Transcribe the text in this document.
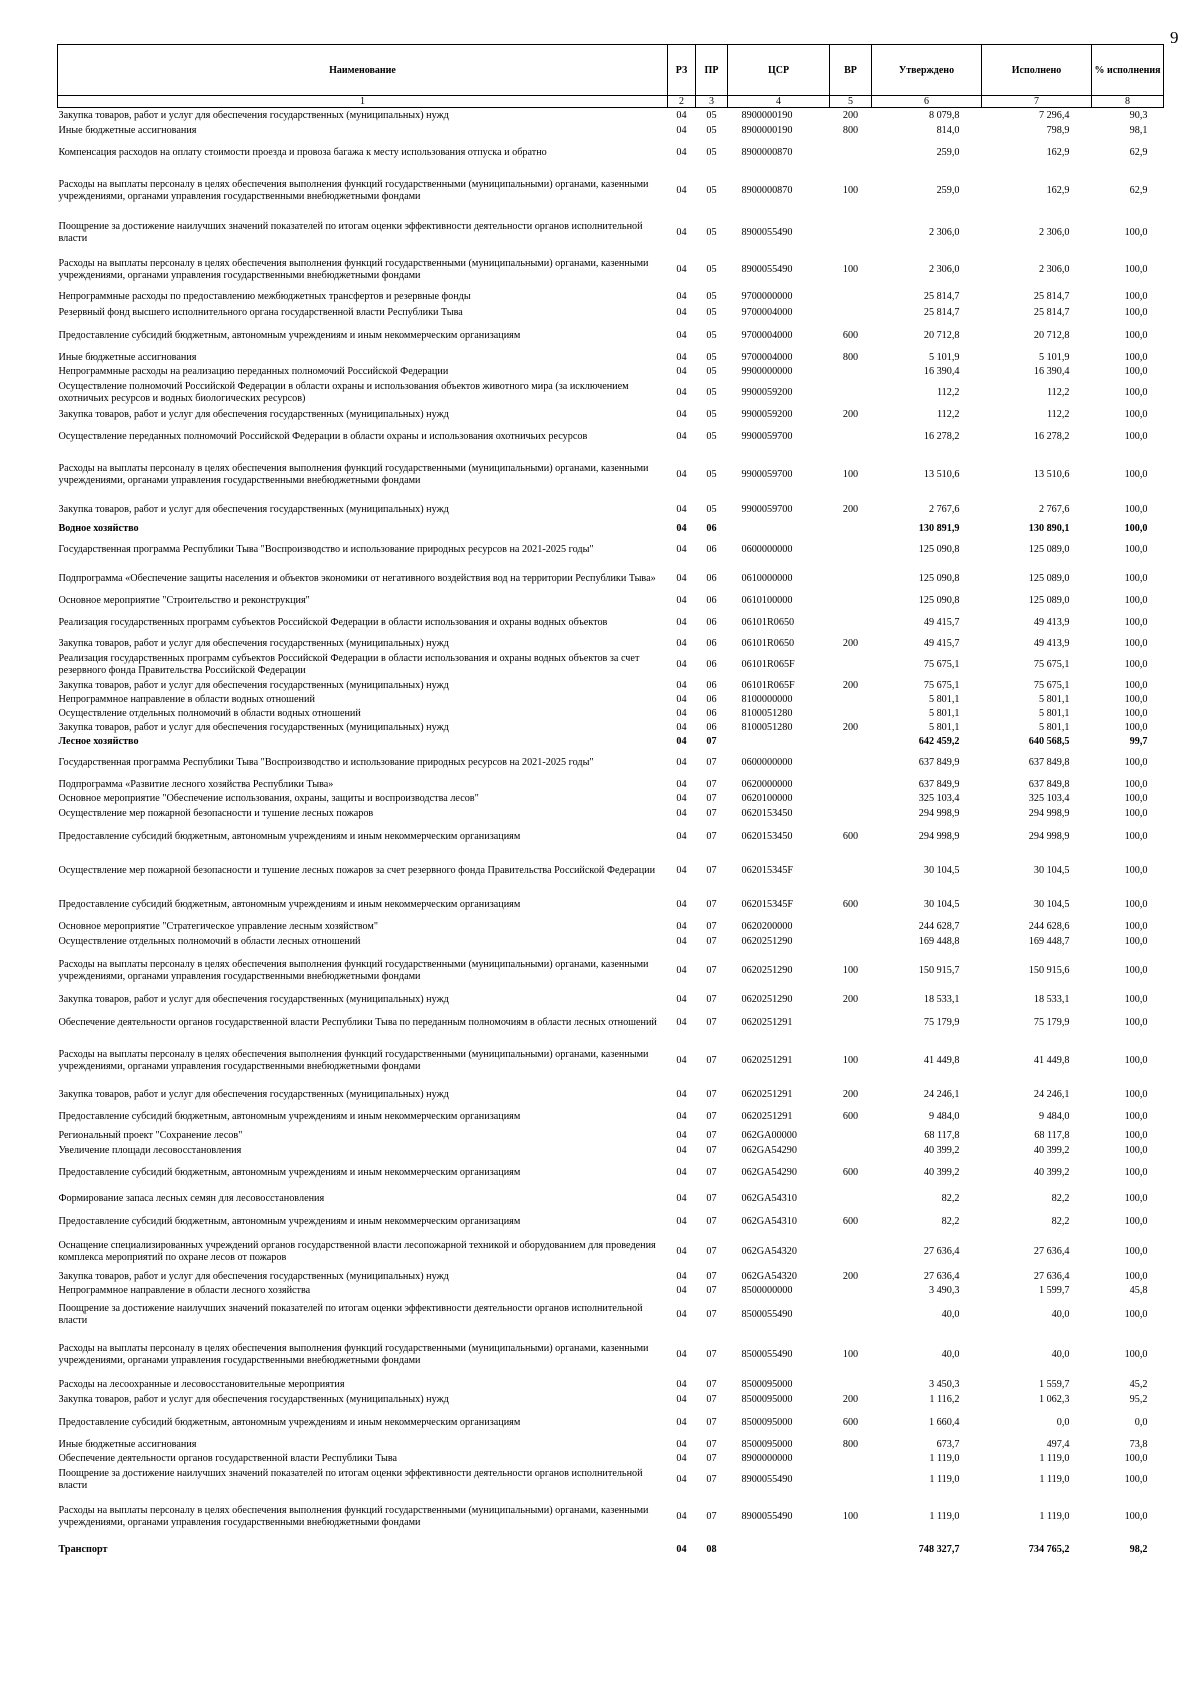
9
Наименование	РЗ	ПР	ЦСР	ВР	Утверждено	Исполнено	% исполнения
1	2	3	4	5	6	7	8
Закупка товаров, работ и услуг для обеспечения государственных (муниципальных) нужд	04	05	8900000190	200	8 079,8	7 296,4	90,3
Иные бюджетные ассигнования	04	05	8900000190	800	814,0	798,9	98,1
Компенсация расходов на оплату стоимости проезда и провоза багажа к месту использования отпуска и обратно	04	05	8900000870		259,0	162,9	62,9
Расходы на выплаты персоналу в целях обеспечения выполнения функций государственными (муниципальными) органами, казенными учреждениями, органами управления государственными внебюджетными фондами	04	05	8900000870	100	259,0	162,9	62,9
Поощрение за достижение наилучших значений показателей по итогам оценки эффективности деятельности органов исполнительной власти	04	05	8900055490		2 306,0	2 306,0	100,0
Расходы на выплаты персоналу в целях обеспечения выполнения функций государственными (муниципальными) органами, казенными учреждениями, органами управления государственными внебюджетными фондами	04	05	8900055490	100	2 306,0	2 306,0	100,0
Непрограммные расходы по предоставлению межбюджетных трансфертов и резервные фонды	04	05	9700000000		25 814,7	25 814,7	100,0
Резервный фонд высшего исполнительного органа государственной власти Республики Тыва	04	05	9700004000		25 814,7	25 814,7	100,0
Предоставление субсидий бюджетным, автономным учреждениям и иным некоммерческим организациям	04	05	9700004000	600	20 712,8	20 712,8	100,0
Иные бюджетные ассигнования	04	05	9700004000	800	5 101,9	5 101,9	100,0
Непрограммные расходы на реализацию переданных полномочий Российской Федерации	04	05	9900000000		16 390,4	16 390,4	100,0
Осуществление полномочий Российской Федерации в области охраны и использования объектов животного мира (за исключением охотничьих ресурсов и водных биологических ресурсов)	04	05	9900059200		112,2	112,2	100,0
Закупка товаров, работ и услуг для обеспечения государственных (муниципальных) нужд	04	05	9900059200	200	112,2	112,2	100,0
Осуществление переданных полномочий Российской Федерации в области охраны и использования охотничьих ресурсов	04	05	9900059700		16 278,2	16 278,2	100,0
Расходы на выплаты персоналу в целях обеспечения выполнения функций государственными (муниципальными) органами, казенными учреждениями, органами управления государственными внебюджетными фондами	04	05	9900059700	100	13 510,6	13 510,6	100,0
Закупка товаров, работ и услуг для обеспечения государственных (муниципальных) нужд	04	05	9900059700	200	2 767,6	2 767,6	100,0
Водное хозяйство	04	06			130 891,9	130 890,1	100,0
Государственная программа Республики Тыва "Воспроизводство и использование природных ресурсов на 2021-2025 годы"	04	06	0600000000		125 090,8	125 089,0	100,0
Подпрограмма «Обеспечение защиты населения и объектов экономики от негативного воздействия вод на территории Республики Тыва»	04	06	0610000000		125 090,8	125 089,0	100,0
Основное мероприятие "Строительство и реконструкция"	04	06	0610100000		125 090,8	125 089,0	100,0
Реализация государственных программ субъектов Российской Федерации в области использования и охраны водных объектов	04	06	06101R0650		49 415,7	49 413,9	100,0
Закупка товаров, работ и услуг для обеспечения государственных (муниципальных) нужд	04	06	06101R0650	200	49 415,7	49 413,9	100,0
Реализация государственных программ субъектов Российской Федерации в области использования и охраны водных объектов за счет резервного фонда Правительства Российской Федерации	04	06	06101R065F		75 675,1	75 675,1	100,0
Закупка товаров, работ и услуг для обеспечения государственных (муниципальных) нужд	04	06	06101R065F	200	75 675,1	75 675,1	100,0
Непрограммное направление в области водных отношений	04	06	8100000000		5 801,1	5 801,1	100,0
Осуществление отдельных полномочий в области водных отношений	04	06	8100051280		5 801,1	5 801,1	100,0
Закупка товаров, работ и услуг для обеспечения государственных (муниципальных) нужд	04	06	8100051280	200	5 801,1	5 801,1	100,0
Лесное хозяйство	04	07			642 459,2	640 568,5	99,7
Государственная программа Республики Тыва "Воспроизводство и использование природных ресурсов на 2021-2025 годы"	04	07	0600000000		637 849,9	637 849,8	100,0
Подпрограмма «Развитие лесного хозяйства Республики Тыва»	04	07	0620000000		637 849,9	637 849,8	100,0
Основное мероприятие "Обеспечение использования, охраны, защиты и воспроизводства лесов"	04	07	0620100000		325 103,4	325 103,4	100,0
Осуществление мер пожарной безопасности и тушение лесных пожаров	04	07	0620153450		294 998,9	294 998,9	100,0
Предоставление субсидий бюджетным, автономным учреждениям и иным некоммерческим организациям	04	07	0620153450	600	294 998,9	294 998,9	100,0
Осуществление мер пожарной безопасности и тушение лесных пожаров за счет резервного фонда Правительства Российской Федерации	04	07	062015345F		30 104,5	30 104,5	100,0
Предоставление субсидий бюджетным, автономным учреждениям и иным некоммерческим организациям	04	07	062015345F	600	30 104,5	30 104,5	100,0
Основное мероприятие "Стратегическое управление лесным хозяйством"	04	07	0620200000		244 628,7	244 628,6	100,0
Осуществление отдельных полномочий в области лесных отношений	04	07	0620251290		169 448,8	169 448,7	100,0
Расходы на выплаты персоналу в целях обеспечения выполнения функций государственными (муниципальными) органами, казенными учреждениями, органами управления государственными внебюджетными фондами	04	07	0620251290	100	150 915,7	150 915,6	100,0
Закупка товаров, работ и услуг для обеспечения государственных (муниципальных) нужд	04	07	0620251290	200	18 533,1	18 533,1	100,0
Обеспечение деятельности органов государственной власти Республики Тыва по переданным полномочиям в области лесных отношений	04	07	0620251291		75 179,9	75 179,9	100,0
Расходы на выплаты персоналу в целях обеспечения выполнения функций государственными (муниципальными) органами, казенными учреждениями, органами управления государственными внебюджетными фондами	04	07	0620251291	100	41 449,8	41 449,8	100,0
Закупка товаров, работ и услуг для обеспечения государственных (муниципальных) нужд	04	07	0620251291	200	24 246,1	24 246,1	100,0
Предоставление субсидий бюджетным, автономным учреждениям и иным некоммерческим организациям	04	07	0620251291	600	9 484,0	9 484,0	100,0
Региональный проект "Сохранение лесов"	04	07	062GA00000		68 117,8	68 117,8	100,0
Увеличение площади лесовосстановления	04	07	062GA54290		40 399,2	40 399,2	100,0
Предоставление субсидий бюджетным, автономным учреждениям и иным некоммерческим организациям	04	07	062GA54290	600	40 399,2	40 399,2	100,0
Формирование запаса лесных семян для лесовосстановления	04	07	062GA54310		82,2	82,2	100,0
Предоставление субсидий бюджетным, автономным учреждениям и иным некоммерческим организациям	04	07	062GA54310	600	82,2	82,2	100,0
Оснащение специализированных учреждений органов государственной власти лесопожарной техникой и оборудованием для проведения комплекса мероприятий по охране лесов от пожаров	04	07	062GA54320		27 636,4	27 636,4	100,0
Закупка товаров, работ и услуг для обеспечения государственных (муниципальных) нужд	04	07	062GA54320	200	27 636,4	27 636,4	100,0
Непрограммное направление в области лесного хозяйства	04	07	8500000000		3 490,3	1 599,7	45,8
Поощрение за достижение наилучших значений показателей по итогам оценки эффективности деятельности органов исполнительной власти	04	07	8500055490		40,0	40,0	100,0
Расходы на выплаты персоналу в целях обеспечения выполнения функций государственными (муниципальными) органами, казенными учреждениями, органами управления государственными внебюджетными фондами	04	07	8500055490	100	40,0	40,0	100,0
Расходы на лесоохранные и лесовосстановительные мероприятия	04	07	8500095000		3 450,3	1 559,7	45,2
Закупка товаров, работ и услуг для обеспечения государственных (муниципальных) нужд	04	07	8500095000	200	1 116,2	1 062,3	95,2
Предоставление субсидий бюджетным, автономным учреждениям и иным некоммерческим организациям	04	07	8500095000	600	1 660,4	0,0	0,0
Иные бюджетные ассигнования	04	07	8500095000	800	673,7	497,4	73,8
Обеспечение деятельности органов государственной власти Республики Тыва	04	07	8900000000		1 119,0	1 119,0	100,0
Поощрение за достижение наилучших значений показателей по итогам оценки эффективности деятельности органов исполнительной власти	04	07	8900055490		1 119,0	1 119,0	100,0
Расходы на выплаты персоналу в целях обеспечения выполнения функций государственными (муниципальными) органами, казенными учреждениями, органами управления государственными внебюджетными фондами	04	07	8900055490	100	1 119,0	1 119,0	100,0
Транспорт	04	08			748 327,7	734 765,2	98,2
